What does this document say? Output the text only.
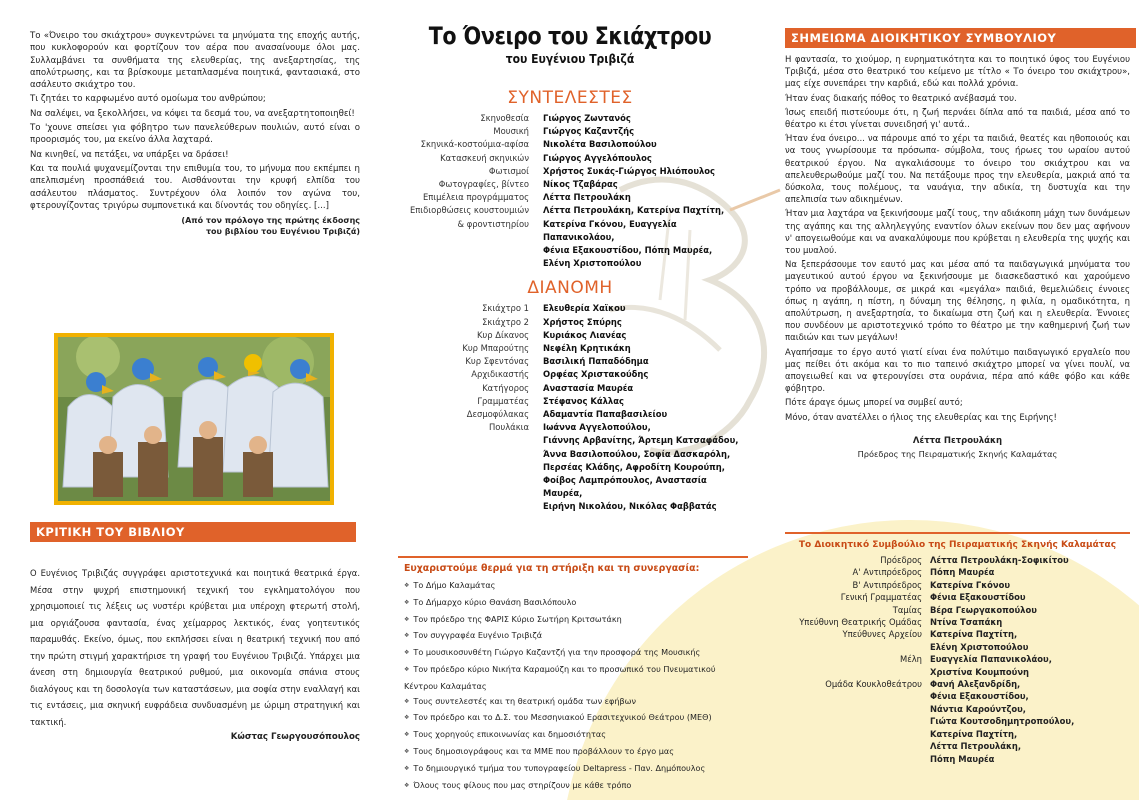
Το «Όνειρο του σκιάχτρου» συγκεντρώνει τα μηνύματα της εποχής αυτής, που κυκλοφορούν και φορτίζουν τον αέρα που ανασαίνουμε όλοι μας. Συλλαμβάνει τα συνθήματα της ελευθερίας, της ανεξαρτησίας, της απολύτρωσης, και τα βρίσκουμε μεταπλασμένα ποιητικά, φαντασιακά, στο ασάλευτο σκιάχτρο του.

Τι ζητάει το καρφωμένο αυτό ομοίωμα του ανθρώπου;

Να σαλέψει, να ξεκολλήσει, να κόψει τα δεσμά του, να ανεξαρτητοποιηθεί!

Το 'χουνε σπείσει για φόβητρο των πανελεύθερων πουλιών, αυτό είναι ο προορισμός του, μα εκείνο άλλα λαχταρά.

Να κινηθεί, να πετάξει, να υπάρξει να δράσει!

Και τα πουλιά ψυχανεμίζονται την επιθυμία του, το μήνυμα που εκπέμπει η απελπισμένη προσπάθειά του. Αισθάνονται την κρυφή ελπίδα του ασάλευτου πλάσματος. Συντρέχουν όλα λοιπόν τον αγώνα του, φτερουγίζοντας τριγύρω συμπονετικά και δίνοντάς του οδηγίες. [...]

(Από τον πρόλογο της πρώτης έκδοσης

του βιβλίου του Ευγένιου Τριβιζά)

ΚΡΙΤΙΚΗ ΤΟΥ ΒΙΒΛΙΟΥ

Ο Ευγένιος Τριβιζάς συγγράφει αριστοτεχνικά και ποιητικά θεατρικά έργα. Μέσα στην ψυχρή επιστημονική τεχνική του εγκληματολόγου που χρησιμοποιεί τις λέξεις ως νυστέρι κρύβεται μια υπέροχη φτερωτή στολή, μια οργιάζουσα φαντασία, ένας χείμαρρος λεκτικός, ένας γοητευτικός παραμυθάς. Εκείνο, όμως, που εκπλήσσει είναι η θεατρική τεχνική που από την πρώτη στιγμή χαρακτήρισε τη γραφή του Ευγένιου Τριβιζά. Υπάρχει μια άνεση στη δημιουργία θεατρικού ρυθμού, μια οικονομία σπάνια στους διαλόγους και τη δοσολογία των καταστάσεων, μια σοφία στην εναλλαγή και τις εντάσεις, μια σκηνική ευφράδεια συνδυασμένη με ώριμη στρατηγική και τακτική.

Κώστας Γεωργουσόπουλος

Το Όνειρο του Σκιάχτρου
του Ευγένιου Τριβιζά
ΣΥΝΤΕΛΕΣΤΕΣ
Σκηνοθεσία Γιώργος Ζωντανός
Μουσική Γιώργος Καζαντζής
Σκηνικά-κοστούμια-αφίσα Νικολέτα Βασιλοπούλου
Κατασκευή σκηνικών Γιώργος Αγγελόπουλος
Φωτισμοί Χρήστος Συκάς-Γιώργος Ηλιόπουλος
Φωτογραφίες, βίντεο Νίκος Τζαβάρας
Επιμέλεια προγράμματος Λέττα Πετρουλάκη
Επιδιορθώσεις κουστουμιών
& φροντιστηρίου
Λέττα Πετρουλάκη, Κατερίνα Παχτίτη,
Κατερίνα Γκόνου, Ευαγγελία Παπανικολάου,
Φένια Εξακουστίδου, Πόπη Μαυρέα,
Ελένη Χριστοπούλου
ΔΙΑΝΟΜΗ
Σκιάχτρο 1 Ελευθερία Χαϊκου
Σκιάχτρο 2 Χρήστος Σπύρης
Κυρ Δίκανος Κυριάκος Λιανέας
Κυρ Μπαρούτης Νεφέλη Κρητικάκη
Κυρ Σφεντόνας Βασιλική Παπαδόδημα
Αρχιδικαστής Ορφέας Χριστακούδης
Κατήγορος Αναστασία Μαυρέα
Γραμματέας Στέφανος Κάλλας
Δεσμοφύλακας Αδαμαντία Παπαβασιλείου
Πουλάκια Ιωάννα Αγγελοπούλου,
Γιάννης Αρβανίτης, Άρτεμη Κατσαφάδου,
Άννα Βασιλοπούλου, Σοφία Δασκαρόλη,
Περσέας Κλάδης, Αφροδίτη Κουρούπη,
Φοίβος Λαμπρόπουλος, Αναστασία Μαυρέα,
Ειρήνη Νικολάου, Νικόλας Φαββατάς
Ευχαριστούμε θερμά για τη στήριξη και τη συνεργασία:
❖ Το Δήμο Καλαμάτας
❖ Το Δήμαρχο κύριο Θανάση Βασιλόπουλο
❖ Τον πρόεδρο της ΦΑΡΙΣ Κύριο Σωτήρη Κριτσωτάκη
❖ Τον συγγραφέα Ευγένιο Τριβιζά
❖ Το μουσικοσυνθέτη Γιώργο Καζαντζή για την προσφορά της Μουσικής
❖ Τον πρόεδρο κύριο Νικήτα Καραμούζη και το προσωπικό του Πνευματικού Κέντρου Καλαμάτας
❖ Τους συντελεστές και τη θεατρική ομάδα των εφήβων
❖ Τον πρόεδρο και το Δ.Σ. του Μεσσηνιακού Ερασιτεχνικού Θεάτρου (ΜΕΘ)
❖ Τους χορηγούς επικοινωνίας και δημοσιότητας
❖ Τους δημοσιογράφους και τα ΜΜΕ που προβάλλουν το έργο μας
❖ Το δημιουργικό τμήμα του τυπογραφείου Deltapress - Παν. Δημόπουλος
❖ Όλους τους φίλους που μας στηρίζουν με κάθε τρόπο
ΣΗΜΕΙΩΜΑ ΔΙΟΙΚΗΤΙΚΟΥ ΣΥΜΒΟΥΛΙΟΥ

Η φαντασία, το χιούμορ, η ευρηματικότητα και το ποιητικό ύφος του Ευγένιου Τριβιζά, μέσα στο θεατρικό του κείμενο με τίτλο « Το όνειρο του σκιάχτρου», μας είχε συνεπάρει την καρδιά, εδώ και πολλά χρόνια.

Ήταν ένας διακαής πόθος το θεατρικό ανέβασμά του.

Ίσως επειδή πιστεύουμε ότι, η ζωή περνάει δίπλα από τα παιδιά, μέσα από το θέατρο κι έτσι γίνεται συνειδησή γι' αυτά..

Ήταν ένα όνειρο... να πάρουμε από το χέρι τα παιδιά, θεατές και ηθοποιούς και να τους γνωρίσουμε τα πρόσωπα- σύμβολα, τους ήρωες του ωραίου αυτού θεατρικού έργου. Να αγκαλιάσουμε το όνειρο του σκιάχτρου και να απελευθερωθούμε μαζί του. Να πετάξουμε προς την ελευθερία, μακριά από τα δύσκολα, τους πολέμους, τα ναυάγια, την αδικία, τη δυστυχία και την απελπισία των αδικημένων.

Ήταν μια λαχτάρα να ξεκινήσουμε μαζί τους, την αδιάκοπη μάχη των δυνάμεων της αγάπης και της αλληλεγγύης εναντίον όλων εκείνων που δεν μας αφήνουν ν' απογειωθούμε και να ανακαλύψουμε που κρύβεται η ελευθερία της ψυχής και του μυαλού.

Να ξεπεράσουμε τον εαυτό μας και μέσα από τα παιδαγωγικά μηνύματα του μαγευτικού αυτού έργου να ξεκινήσουμε με διασκεδαστικό και χαρούμενο τρόπο να προβάλλουμε, σε μικρά και «μεγάλα» παιδιά, θεμελιώδεις έννοιες όπως η αγάπη, η πίστη, η δύναμη της θέλησης, η φιλία, η ομαδικότητα, η απολύτρωση, η ανεξαρτησία, το δικαίωμα στη ζωή και η ελευθερία. Έννοιες που συνδέουν με αριστοτεχνικό τρόπο το θέατρο με την καθημερινή ζωή των παιδιών και των μεγάλων!

Αγαπήσαμε το έργο αυτό γιατί είναι ένα πολύτιμο παιδαγωγικό εργαλείο που μας πείθει ότι ακόμα και το πιο ταπεινό σκιάχτρο μπορεί να γίνει πουλί, να απογειωθεί και να φτερουγίσει στα ουράνια, πέρα από κάθε φόβο και κάθε φόβητρο.

Πότε άραγε όμως μπορεί να συμβεί αυτό;

Μόνο, όταν ανατέλλει ο ήλιος της ελευθερίας και της Ειρήνης!

Λέττα Πετρουλάκη
Πρόεδρος της Πειραματικής Σκηνής Καλαμάτας
Το Διοικητικό Συμβούλιο της Πειραματικής Σκηνής Καλαμάτας
Πρόεδρος Λέττα Πετρουλάκη-Σοφικίτου
Α' Αντιπρόεδρος Πόπη Μαυρέα
Β' Αντιπρόεδρος Κατερίνα Γκόνου
Γενική Γραμματέας Φένια Εξακουστίδου
Ταμίας Βέρα Γεωργακοπούλου
Υπεύθυνη Θεατρικής Ομάδας Ντίνα Τσαπάκη
Υπεύθυνες Αρχείου Κατερίνα Παχτίτη,
Ελένη Χριστοπούλου
Μέλη Ευαγγελία Παπανικολάου,
Χριστίνα Κουμπούνη
Ομάδα Κουκλοθεάτρου Φανή Αλεξανδρίδη,
Φένια Εξακουστίδου,
Νάντια Καρούντζου,
Γιώτα Κουτσοδημητροπούλου,
Κατερίνα Παχτίτη,
Λέττα Πετρουλάκη,
Πόπη Μαυρέα
